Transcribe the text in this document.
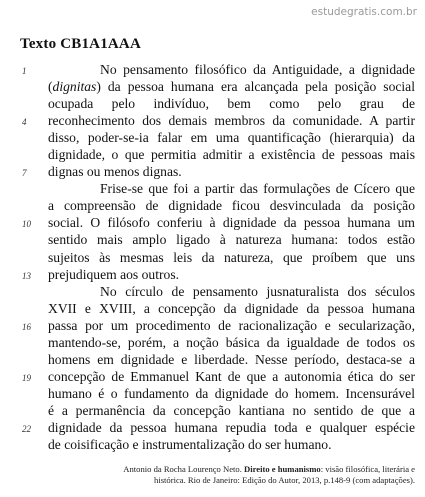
estudegratis.com.br
Texto CB1A1AAA
1	No pensamento filosófico da Antiguidade, a dignidade
(dignitas) da pessoa humana era alcançada pela posição social
ocupada pelo indivíduo, bem como pelo grau de
4	reconhecimento dos demais membros da comunidade. A partir
disso, poder-se-ia falar em uma quantificação (hierarquia) da
dignidade, o que permitia admitir a existência de pessoas mais
7	dignas ou menos dignas.
Frise-se que foi a partir das formulações de Cícero que
a compreensão de dignidade ficou desvinculada da posição
10	social. O filósofo conferiu à dignidade da pessoa humana um
sentido mais amplo ligado à natureza humana: todos estão
sujeitos às mesmas leis da natureza, que proíbem que uns
13	prejudiquem aos outros.
No círculo de pensamento jusnaturalista dos séculos
XVII e XVIII, a concepção da dignidade da pessoa humana
16	passa por um procedimento de racionalização e secularização,
mantendo-se, porém, a noção básica da igualdade de todos os
homens em dignidade e liberdade. Nesse período, destaca-se a
19	concepção de Emmanuel Kant de que a autonomia ética do ser
humano é o fundamento da dignidade do homem. Incensurável
é a permanência da concepção kantiana no sentido de que a
22	dignidade da pessoa humana repudia toda e qualquer espécie
de coisificação e instrumentalização do ser humano.
Antonio da Rocha Lourenço Neto. Direito e humanismo: visão filosófica, literária e histórica. Rio de Janeiro: Edição do Autor, 2013, p.148-9 (com adaptações).
